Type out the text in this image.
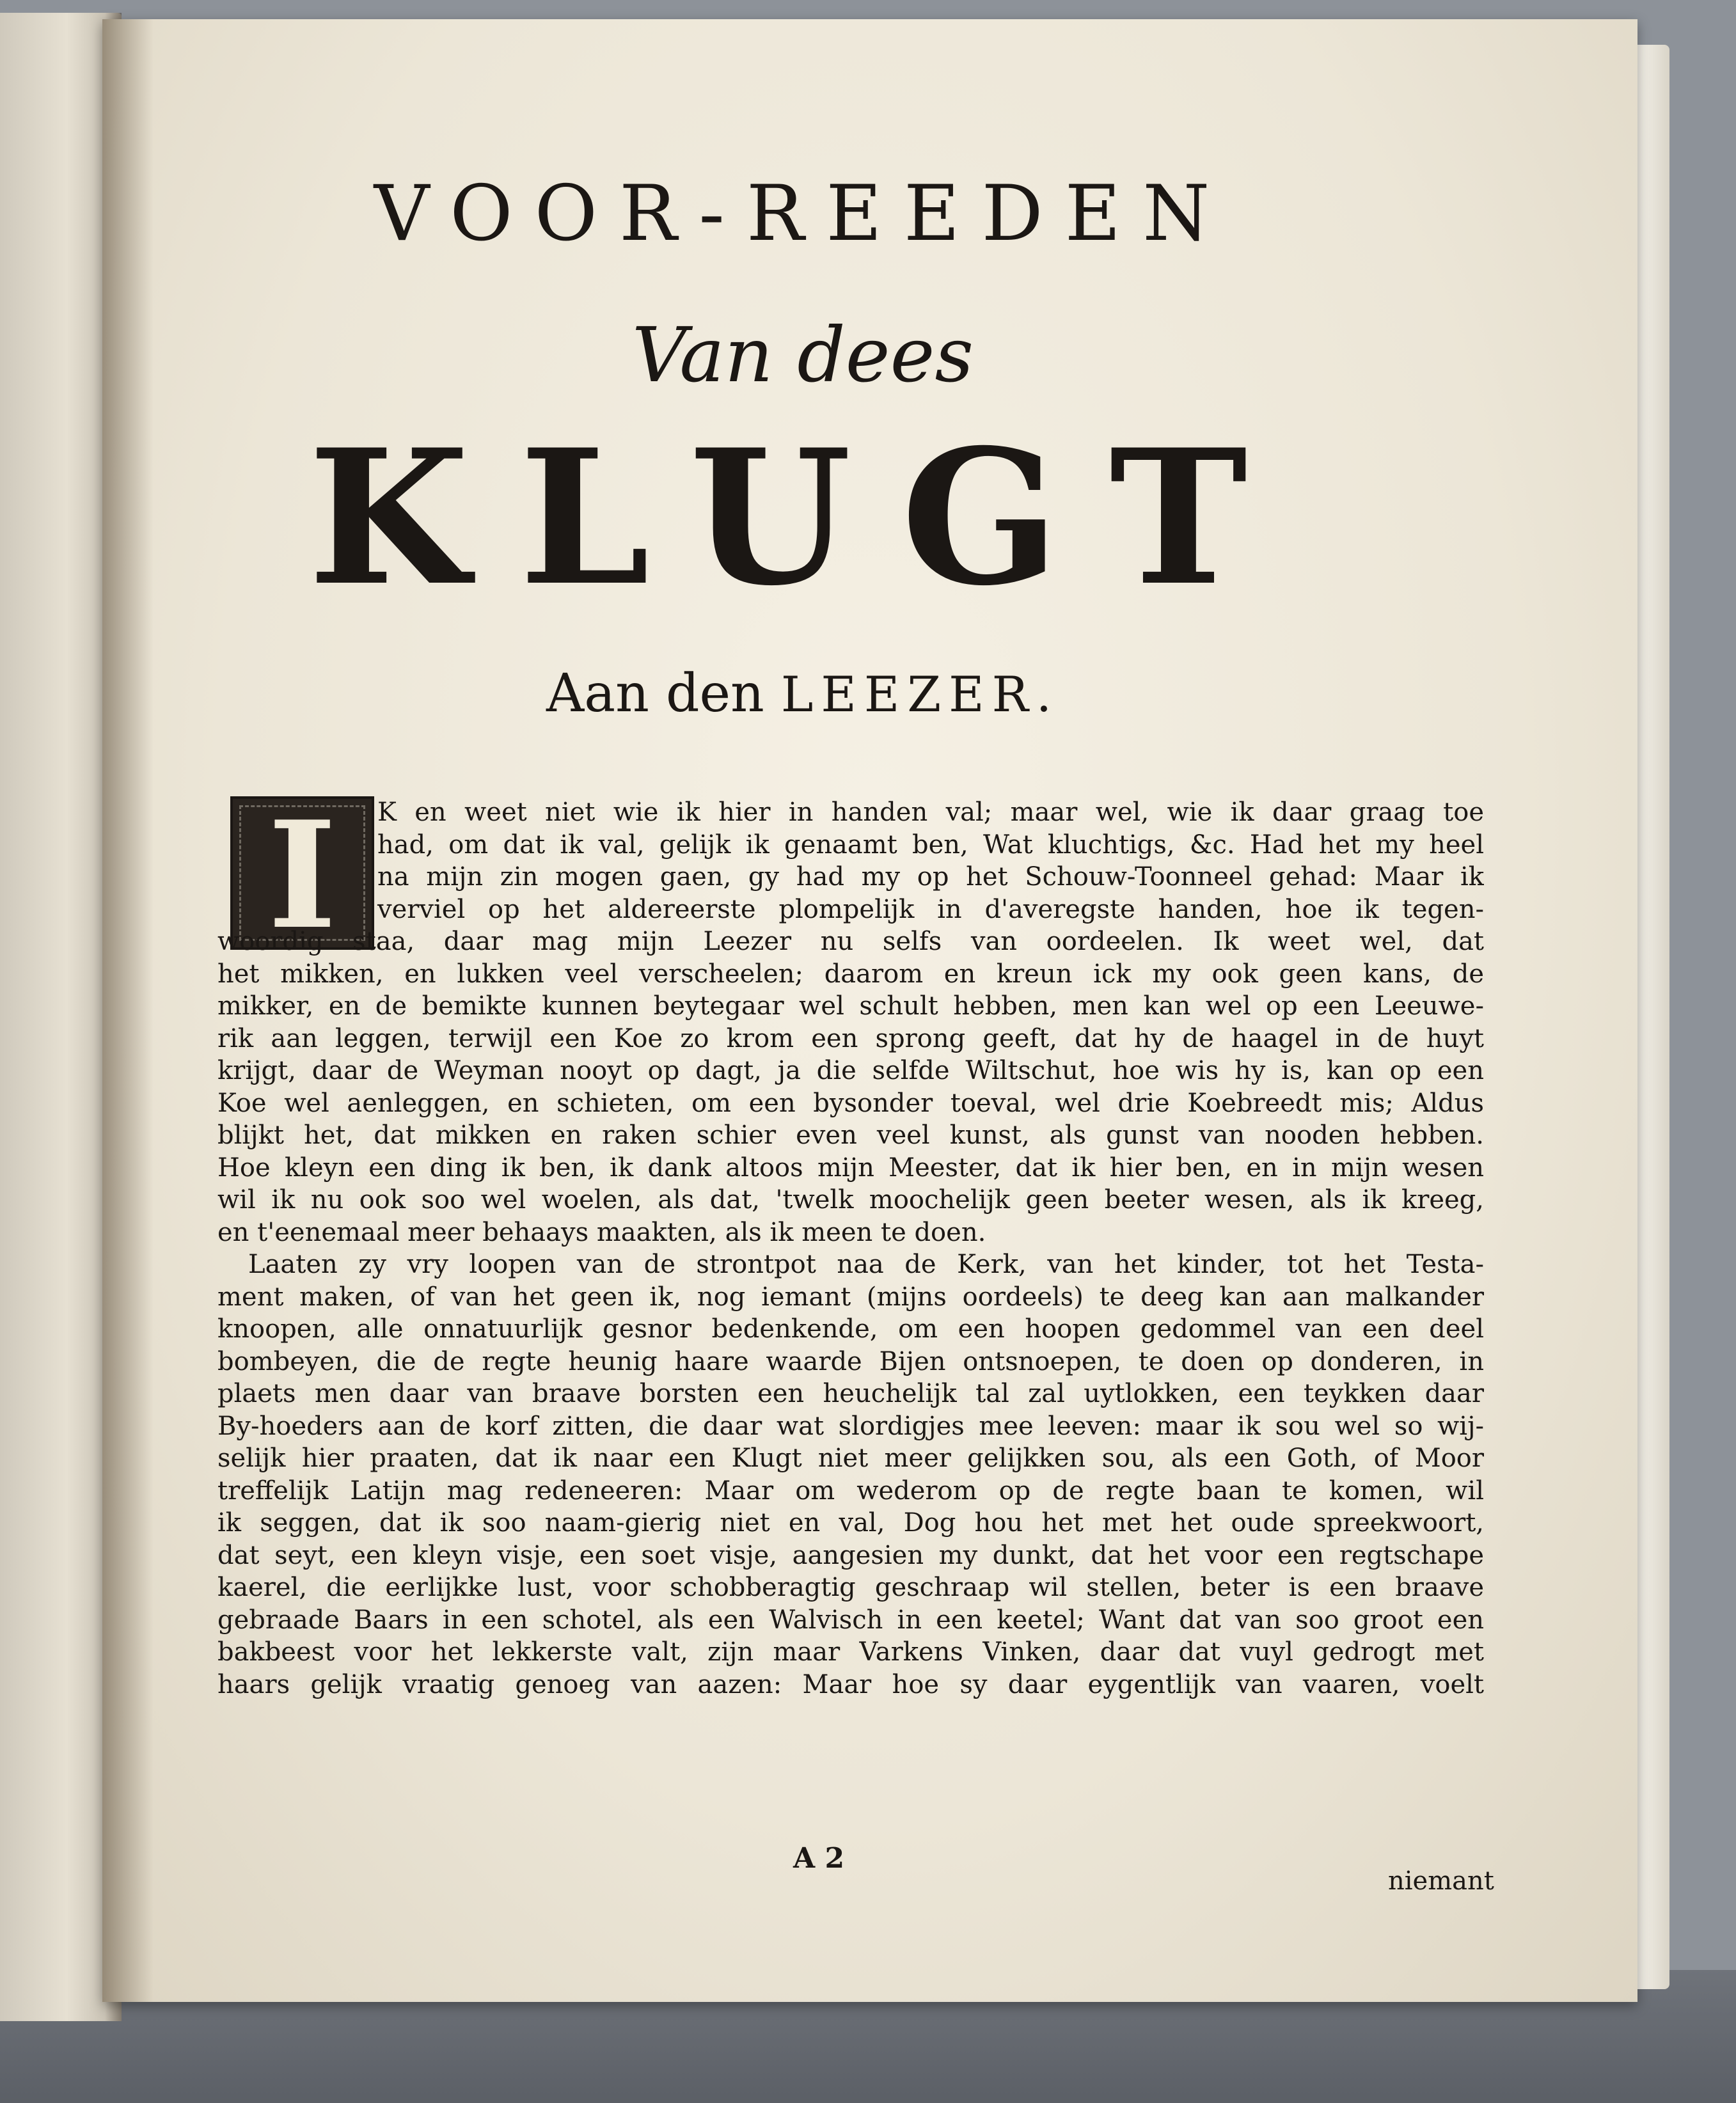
VOOR-REEDEN
Van dees
KLUGT
Aan den LEEZER.
I	K en weet niet wie ik hier in handen val; maar wel, wie ik daar graag toe
had, om dat ik val, gelijk ik genaamt ben, Wat kluchtigs, &c. Had het my heel
na mijn zin mogen gaen, gy had my op het Schouw-Toonneel gehad: Maar ik
verviel op het aldereerste plompelijk in d'averegste handen, hoe ik tegen-
woordig staa, daar mag mijn Leezer nu selfs van oordeelen. Ik weet wel, dat
het mikken, en lukken veel verscheelen; daarom en kreun ick my ook geen kans, de
mikker, en de bemikte kunnen beytegaar wel schult hebben, men kan wel op een Leeuwe-
rik aan leggen, terwijl een Koe zo krom een sprong geeft, dat hy de haagel in de huyt
krijgt, daar de Weyman nooyt op dagt, ja die selfde Wiltschut, hoe wis hy is, kan op een
Koe wel aenleggen, en schieten, om een bysonder toeval, wel drie Koebreedt mis; Aldus
blijkt het, dat mikken en raken schier even veel kunst, als gunst van nooden hebben.
Hoe kleyn een ding ik ben, ik dank altoos mijn Meester, dat ik hier ben, en in mijn wesen
wil ik nu ook soo wel woelen, als dat, 'twelk moochelijk geen beeter wesen, als ik kreeg,
en t'eenemaal meer behaays maakten, als ik meen te doen.
Laaten zy vry loopen van de strontpot naa de Kerk, van het kinder, tot het Testa-
ment maken, of van het geen ik, nog iemant (mijns oordeels) te deeg kan aan malkander
knoopen, alle onnatuurlijk gesnor bedenkende, om een hoopen gedommel van een deel
bombeyen, die de regte heunig haare waarde Bijen ontsnoepen, te doen op donderen, in
plaets men daar van braave borsten een heuchelijk tal zal uytlokken, een teykken daar
By-hoeders aan de korf zitten, die daar wat slordigjes mee leeven: maar ik sou wel so wij-
selijk hier praaten, dat ik naar een Klugt niet meer gelijkken sou, als een Goth, of Moor
treffelijk Latijn mag redeneeren: Maar om wederom op de regte baan te komen, wil
ik seggen, dat ik soo naam-gierig niet en val, Dog hou het met het oude spreekwoort,
dat seyt, een kleyn visje, een soet visje, aangesien my dunkt, dat het voor een regtschape
kaerel, die eerlijkke lust, voor schobberagtig geschraap wil stellen, beter is een braave
gebraade Baars in een schotel, als een Walvisch in een keetel; Want dat van soo groot een
bakbeest voor het lekkerste valt, zijn maar Varkens Vinken, daar dat vuyl gedrogt met
haars gelijk vraatig genoeg van aazen: Maar hoe sy daar eygentlijk van vaaren, voelt
A 2
niemant
